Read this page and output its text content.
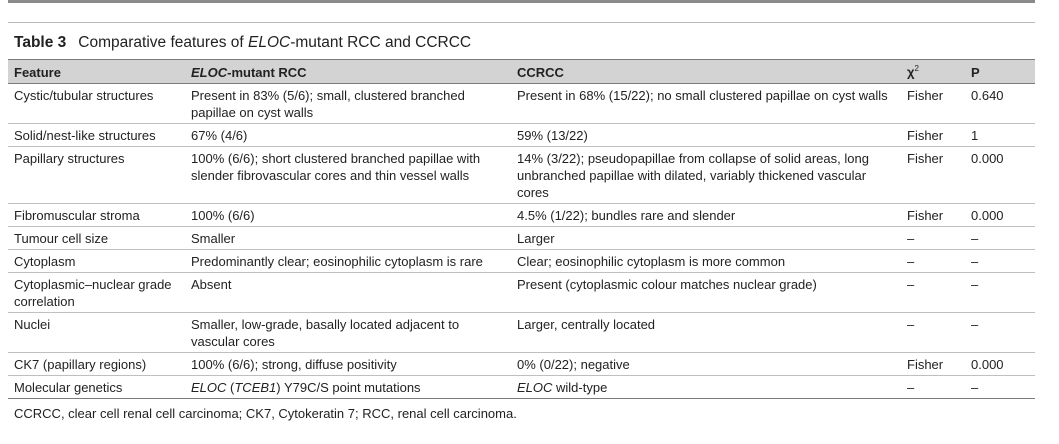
Table 3 Comparative features of ELOC-mutant RCC and CCRCC
Feature	ELOC-mutant RCC	CCRCC	$\chi^2$	P
Cystic/tubular structures	Present in 83% (5/6); small, clustered branched papillae on cyst walls	Present in 68% (15/22); no small clustered papillae on cyst walls	Fisher	0.640
Solid/nest-like structures	67% (4/6)	59% (13/22)	Fisher	1
Papillary structures	100% (6/6); short clustered branched papillae with slender fibrovascular cores and thin vessel walls	14% (3/22); pseudopapillae from collapse of solid areas, long unbranched papillae with dilated, variably thickened vascular cores	Fisher	0.000
Fibromuscular stroma	100% (6/6)	4.5% (1/22); bundles rare and slender	Fisher	0.000
Tumour cell size	Smaller	Larger	–	–
Cytoplasm	Predominantly clear; eosinophilic cytoplasm is rare	Clear; eosinophilic cytoplasm is more common	–	–
Cytoplasmic–nuclear grade correlation	Absent	Present (cytoplasmic colour matches nuclear grade)	–	–
Nuclei	Smaller, low-grade, basally located adjacent to vascular cores	Larger, centrally located	–	–
CK7 (papillary regions)	100% (6/6); strong, diffuse positivity	0% (0/22); negative	Fisher	0.000
Molecular genetics	ELOC (TCEB1) Y79C/S point mutations	ELOC wild-type	–	–
CCRCC, clear cell renal cell carcinoma; CK7, Cytokeratin 7; RCC, renal cell carcinoma.
